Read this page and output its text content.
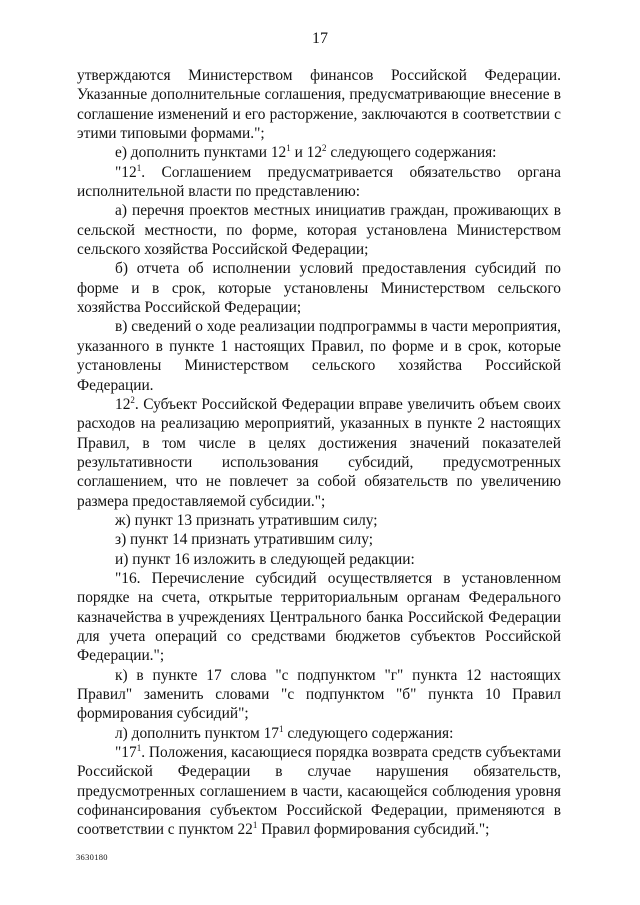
17

утверждаются Министерством финансов Российской Федерации. Указанные дополнительные соглашения, предусматривающие внесение в соглашение изменений и его расторжение, заключаются в соответствии с этими типовыми формами.";

е) дополнить пунктами $12^1$ и $12^2$ следующего содержания:

"$12^1$. Соглашением предусматривается обязательство органа исполнительной власти по представлению:

а) перечня проектов местных инициатив граждан, проживающих в сельской местности, по форме, которая установлена Министерством сельского хозяйства Российской Федерации;

б) отчета об исполнении условий предоставления субсидий по форме и в срок, которые установлены Министерством сельского хозяйства Российской Федерации;

в) сведений о ходе реализации подпрограммы в части мероприятия, указанного в пункте 1 настоящих Правил, по форме и в срок, которые установлены Министерством сельского хозяйства Российской Федерации.

$12^2$. Субъект Российской Федерации вправе увеличить объем своих расходов на реализацию мероприятий, указанных в пункте 2 настоящих Правил, в том числе в целях достижения значений показателей результативности использования субсидий, предусмотренных соглашением, что не повлечет за собой обязательств по увеличению размера предоставляемой субсидии.";

ж) пункт 13 признать утратившим силу;

з) пункт 14 признать утратившим силу;

и) пункт 16 изложить в следующей редакции:

"16. Перечисление субсидий осуществляется в установленном порядке на счета, открытые территориальным органам Федерального казначейства в учреждениях Центрального банка Российской Федерации для учета операций со средствами бюджетов субъектов Российской Федерации.";

к) в пункте 17 слова "с подпунктом "г" пункта 12 настоящих Правил" заменить словами "с подпунктом "б" пункта 10 Правил формирования субсидий";

л) дополнить пунктом $17^1$ следующего содержания:

"$17^1$. Положения, касающиеся порядка возврата средств субъектами Российской Федерации в случае нарушения обязательств, предусмотренных соглашением в части, касающейся соблюдения уровня софинансирования субъектом Российской Федерации, применяются в соответствии с пунктом $22^1$ Правил формирования субсидий.";

3630180
